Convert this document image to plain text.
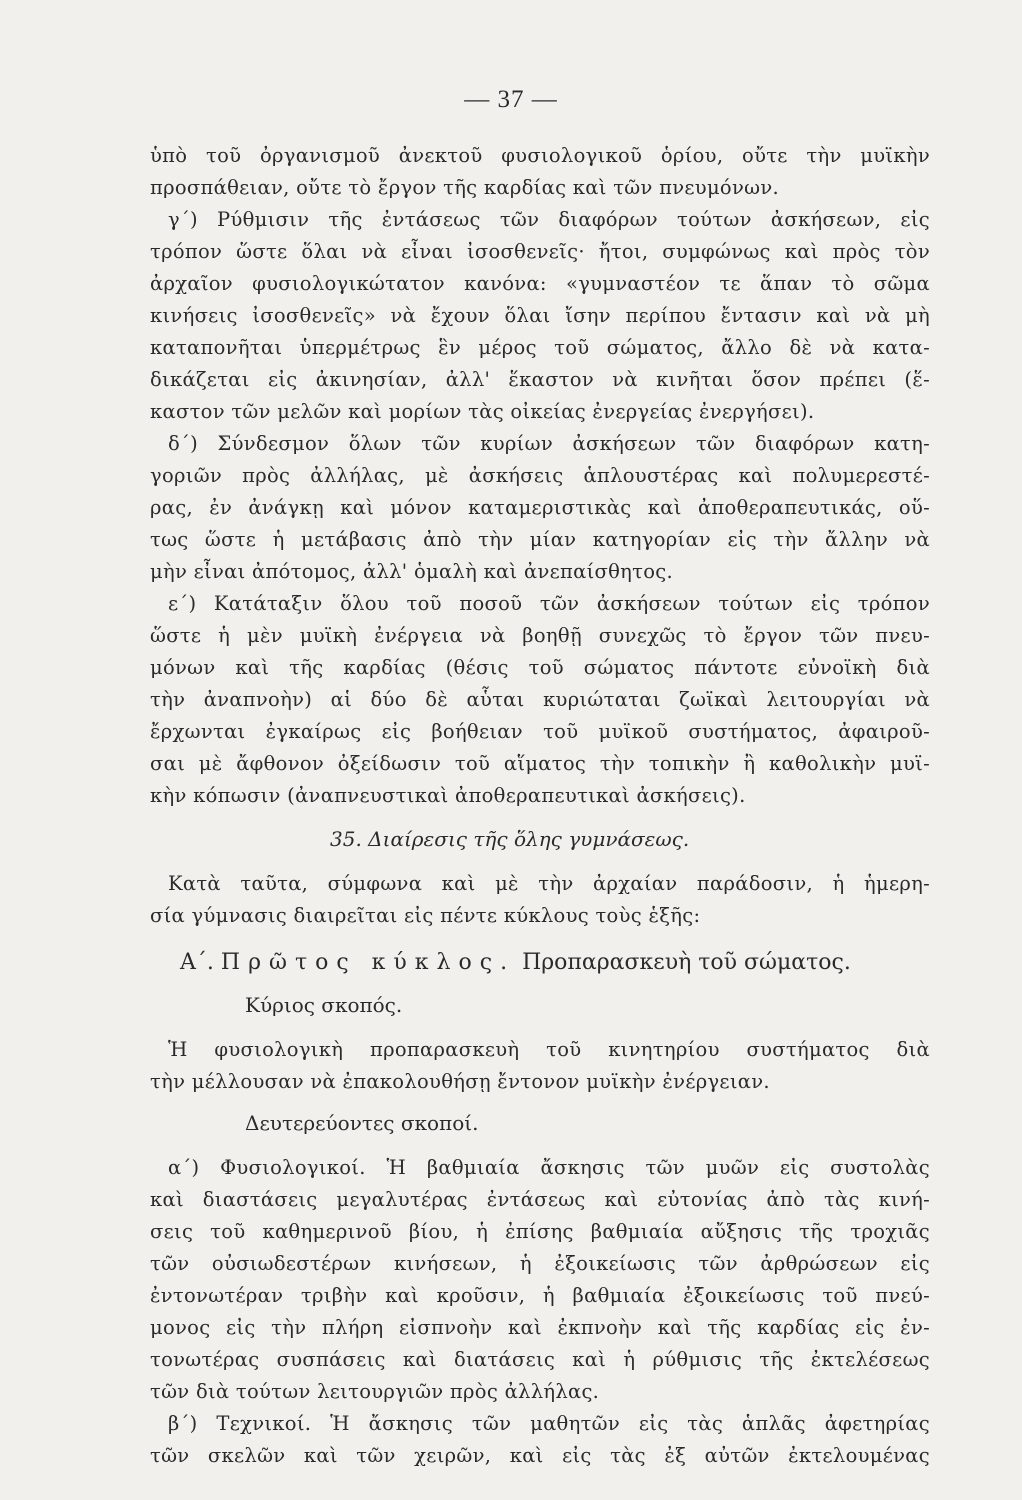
— 37 —
ὑπὸ τοῦ ὀργανισμοῦ ἀνεκτοῦ φυσιολογικοῦ ὁρίου, οὔτε τὴν μυϊκὴν
προσπάθειαν, οὔτε τὸ ἔργον τῆς καρδίας καὶ τῶν πνευμόνων.
γ΄) Ρύθμισιν τῆς ἐντάσεως τῶν διαφόρων τούτων ἀσκήσεων, εἰς
τρόπον ὥστε ὅλαι νὰ εἶναι ἰσοσθενεῖς· ἤτοι, συμφώνως καὶ πρὸς τὸν
ἀρχαῖον φυσιολογικώτατον κανόνα: «γυμναστέον τε ἅπαν τὸ σῶμα
κινήσεις ἰσοσθενεῖς» νὰ ἔχουν ὅλαι ἴσην περίπου ἔντασιν καὶ νὰ μὴ
καταπονῆται ὑπερμέτρως ἓν μέρος τοῦ σώματος, ἄλλο δὲ νὰ κατα-
δικάζεται εἰς ἀκινησίαν, ἀλλ' ἕκαστον νὰ κινῆται ὅσον πρέπει (ἕ-
καστον τῶν μελῶν καὶ μορίων τὰς οἰκείας ἐνεργείας ἐνεργήσει).
δ΄) Σύνδεσμον ὅλων τῶν κυρίων ἀσκήσεων τῶν διαφόρων κατη-
γοριῶν πρὸς ἀλλήλας, μὲ ἀσκήσεις ἁπλουστέρας καὶ πολυμερεστέ-
ρας, ἐν ἀνάγκῃ καὶ μόνον καταμεριστικὰς καὶ ἀποθεραπευτικάς, οὕ-
τως ὥστε ἡ μετάβασις ἀπὸ τὴν μίαν κατηγορίαν εἰς τὴν ἄλλην νὰ
μὴν εἶναι ἀπότομος, ἀλλ' ὁμαλὴ καὶ ἀνεπαίσθητος.
ε΄) Κατάταξιν ὅλου τοῦ ποσοῦ τῶν ἀσκήσεων τούτων εἰς τρόπον
ὥστε ἡ μὲν μυϊκὴ ἐνέργεια νὰ βοηθῇ συνεχῶς τὸ ἔργον τῶν πνευ-
μόνων καὶ τῆς καρδίας (θέσις τοῦ σώματος πάντοτε εὐνοϊκὴ διὰ
τὴν ἀναπνοὴν) αἱ δύο δὲ αὗται κυριώταται ζωϊκαὶ λειτουργίαι νὰ
ἔρχωνται ἐγκαίρως εἰς βοήθειαν τοῦ μυϊκοῦ συστήματος, ἀφαιροῦ-
σαι μὲ ἄφθονον ὀξείδωσιν τοῦ αἵματος τὴν τοπικὴν ἢ καθολικὴν μυϊ-
κὴν κόπωσιν (ἀναπνευστικαὶ ἀποθεραπευτικαὶ ἀσκήσεις).
35. Διαίρεσις τῆς ὅλης γυμνάσεως.
Κατὰ ταῦτα, σύμφωνα καὶ μὲ τὴν ἀρχαίαν παράδοσιν, ἡ ἡμερη-
σία γύμνασις διαιρεῖται εἰς πέντε κύκλους τοὺς ἑξῆς:
Α΄. Πρῶτος κύκλος. Προπαρασκευὴ τοῦ σώματος.
Κύριος σκοπός.
Ἡ φυσιολογικὴ προπαρασκευὴ τοῦ κινητηρίου συστήματος διὰ
τὴν μέλλουσαν νὰ ἐπακολουθήσῃ ἔντονον μυϊκὴν ἐνέργειαν.
Δευτερεύοντες σκοποί.
α΄) Φυσιολογικοί. Ἡ βαθμιαία ἄσκησις τῶν μυῶν εἰς συστολὰς
καὶ διαστάσεις μεγαλυτέρας ἐντάσεως καὶ εὐτονίας ἀπὸ τὰς κινή-
σεις τοῦ καθημερινοῦ βίου, ἡ ἐπίσης βαθμιαία αὔξησις τῆς τροχιᾶς
τῶν οὐσιωδεστέρων κινήσεων, ἡ ἐξοικείωσις τῶν ἀρθρώσεων εἰς
ἐντονωτέραν τριβὴν καὶ κροῦσιν, ἡ βαθμιαία ἐξοικείωσις τοῦ πνεύ-
μονος εἰς τὴν πλήρη εἰσπνοὴν καὶ ἐκπνοὴν καὶ τῆς καρδίας εἰς ἐν-
τονωτέρας συσπάσεις καὶ διατάσεις καὶ ἡ ρύθμισις τῆς ἐκτελέσεως
τῶν διὰ τούτων λειτουργιῶν πρὸς ἀλλήλας.
β΄) Τεχνικοί. Ἡ ἄσκησις τῶν μαθητῶν εἰς τὰς ἁπλᾶς ἀφετηρίας
τῶν σκελῶν καὶ τῶν χειρῶν, καὶ εἰς τὰς ἐξ αὐτῶν ἐκτελουμένας
